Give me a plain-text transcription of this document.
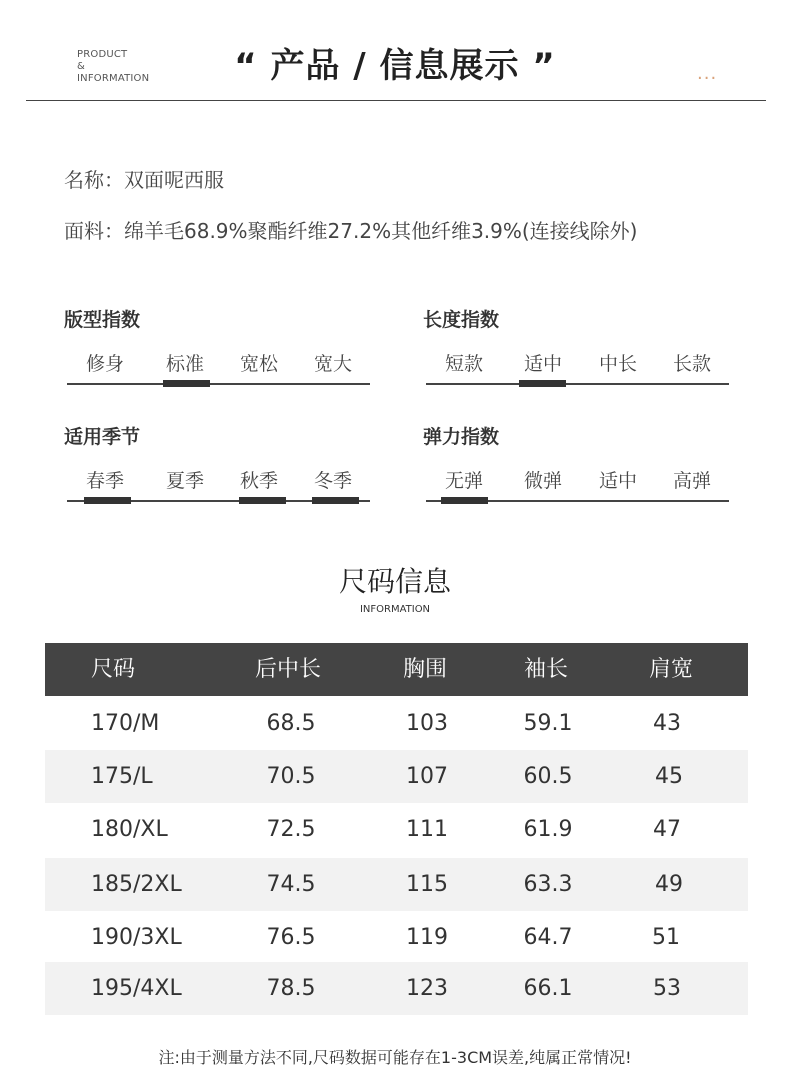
PRODUCT
&
INFORMATION	“ 产品 / 信息展示 ”	...
名称：双面呢西服
面料：绵羊毛68.9%聚酯纤维27.2%其他纤维3.9%(连接线除外)
版型指数
修身	标准	宽松	宽大
长度指数
短款	适中	中长	长款
适用季节
春季	夏季	秋季	冬季
弹力指数
无弹	微弹	适中	高弹
尺码信息
INFORMATION
尺码	后中长	胸围	袖长	肩宽
170/M	68.5	103	59.1	43
175/L	70.5	107	60.5	45
180/XL	72.5	111	61.9	47
185/2XL	74.5	115	63.3	49
190/3XL	76.5	119	64.7	51
195/4XL	78.5	123	66.1	53
注:由于测量方法不同,尺码数据可能存在1-3CM误差,纯属正常情况!
